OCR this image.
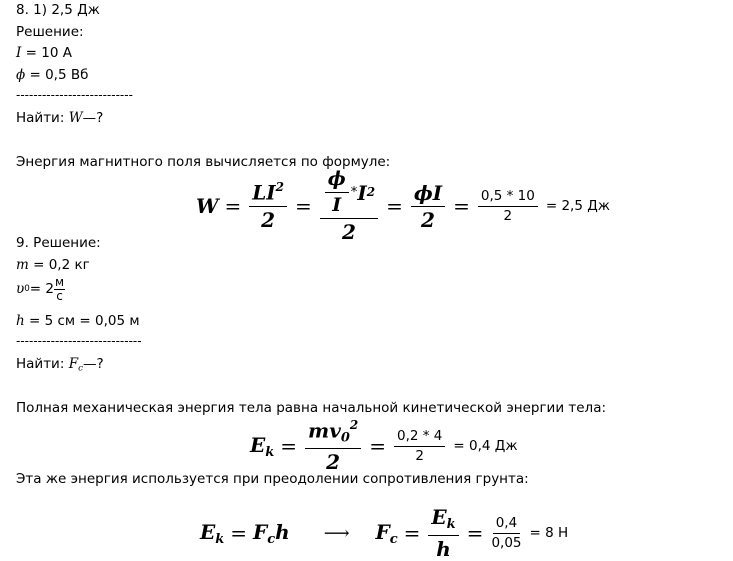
8. 1) 2,5 Дж
Решение:
I = 10 А
ϕ = 0,5 Вб
---------------------------
Найти: W—?
Энергия магнитного поля вычисляется по формуле:
$W = \frac{LI^2}{2} = \frac{\frac{\phi}{I} * I 2}{2} = \frac{\phi I}{2} = \frac{0,5 * 10}{2} = 2,5$ Дж
9. Решение:
m = 0,2 кг
υ $0 = 2 \frac{м}{с}$
h = 5 см = 0,05 м
-----------------------------
Найти: $F_c—$?
Полная механическая энергия тела равна начальной кинетической энергии тела:
$E_k = \frac{mv_0^2}{2} = \frac{0,2 * 4}{2} = 0,4$ Дж
Эта же энергия используется при преодолении сопротивления грунта:
$E_k = F_ch$ ⟶ $F_c = \frac{E_k}{h} = \frac{0,4}{0,05} = 8$ Н
